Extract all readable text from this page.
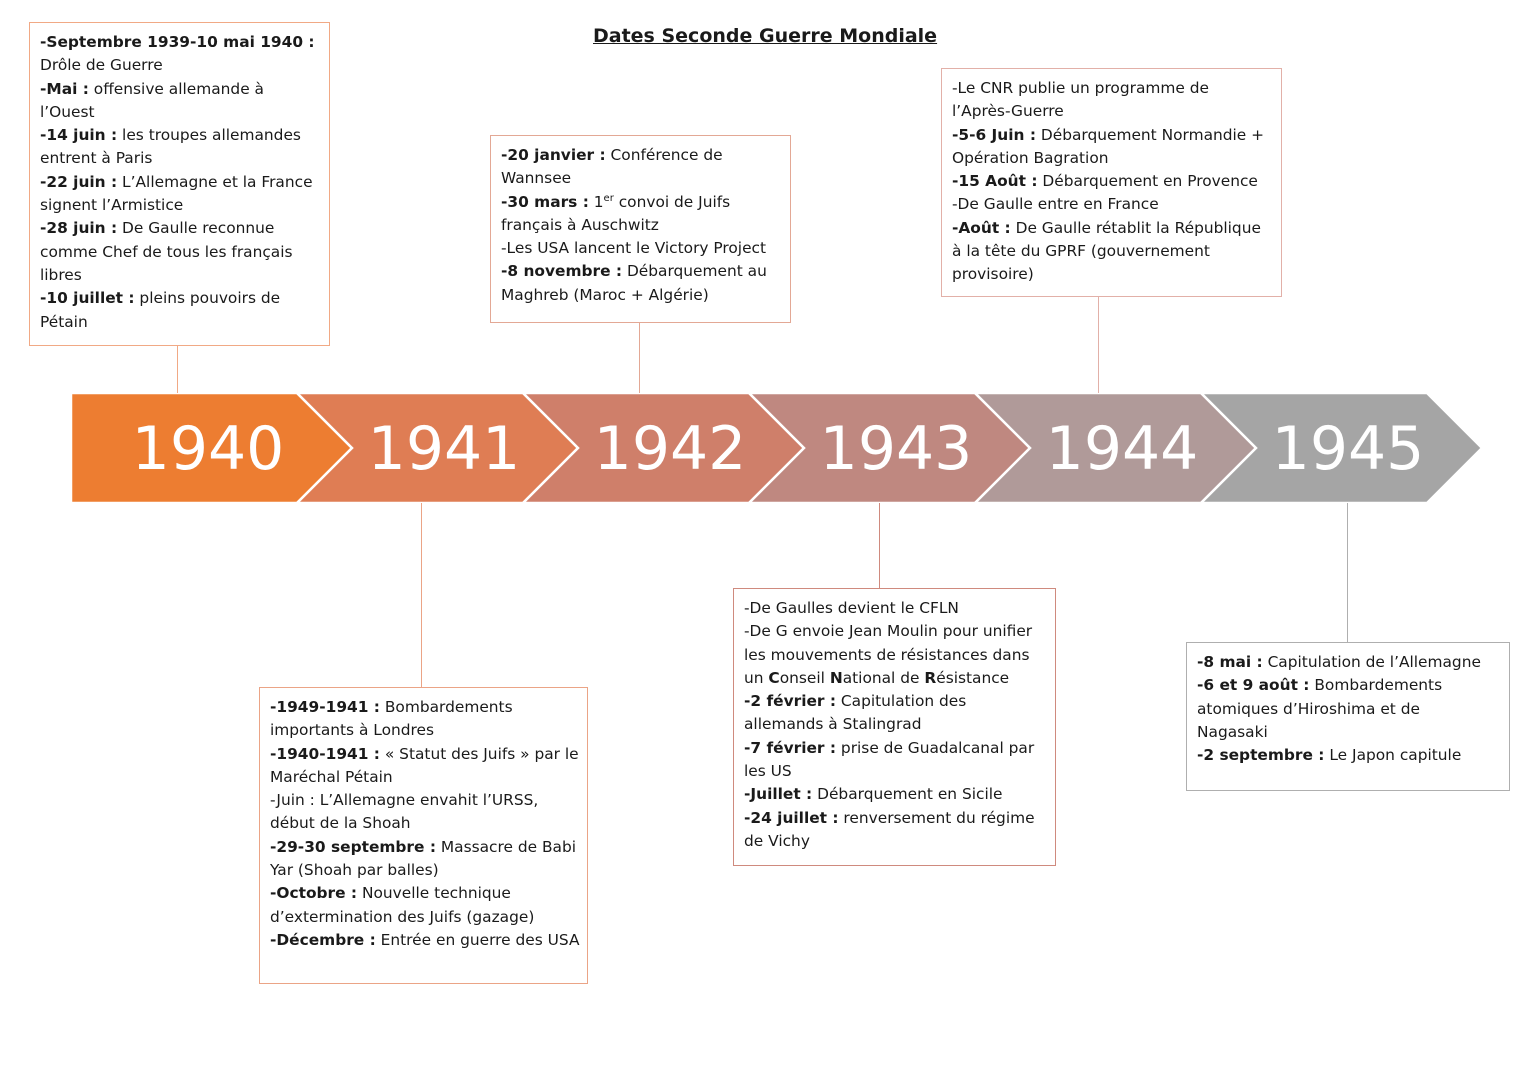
Dates Seconde Guerre Mondiale
1940 1941 1942 1943 1944 1945
-Septembre 1939-10 mai 1940 :
Drôle de Guerre
-Mai : offensive allemande à
l’Ouest
-14 juin : les troupes allemandes
entrent à Paris
-22 juin : L’Allemagne et la France
signent l’Armistice
-28 juin : De Gaulle reconnue
comme Chef de tous les français
libres
-10 juillet : pleins pouvoirs de
Pétain
-1949-1941 : Bombardements
importants à Londres
-1940-1941 : « Statut des Juifs » par le
Maréchal Pétain
-Juin : L’Allemagne envahit l’URSS,
début de la Shoah
-29-30 septembre : Massacre de Babi
Yar (Shoah par balles)
-Octobre : Nouvelle technique
d’extermination des Juifs (gazage)
-Décembre : Entrée en guerre des USA
-20 janvier : Conférence de
Wannsee
-30 mars : 1er convoi de Juifs
français à Auschwitz
-Les USA lancent le Victory Project
-8 novembre : Débarquement au
Maghreb (Maroc + Algérie)
-De Gaulles devient le CFLN
-De G envoie Jean Moulin pour unifier
les mouvements de résistances dans
un Conseil National de Résistance
-2 février : Capitulation des
allemands à Stalingrad
-7 février : prise de Guadalcanal par
les US
-Juillet : Débarquement en Sicile
-24 juillet : renversement du régime
de Vichy
-Le CNR publie un programme de
l’Après-Guerre
-5-6 Juin : Débarquement Normandie +
Opération Bagration
-15 Août : Débarquement en Provence
-De Gaulle entre en France
-Août : De Gaulle rétablit la République
à la tête du GPRF (gouvernement
provisoire)
-8 mai : Capitulation de l’Allemagne
-6 et 9 août : Bombardements
atomiques d’Hiroshima et de
Nagasaki
-2 septembre : Le Japon capitule
